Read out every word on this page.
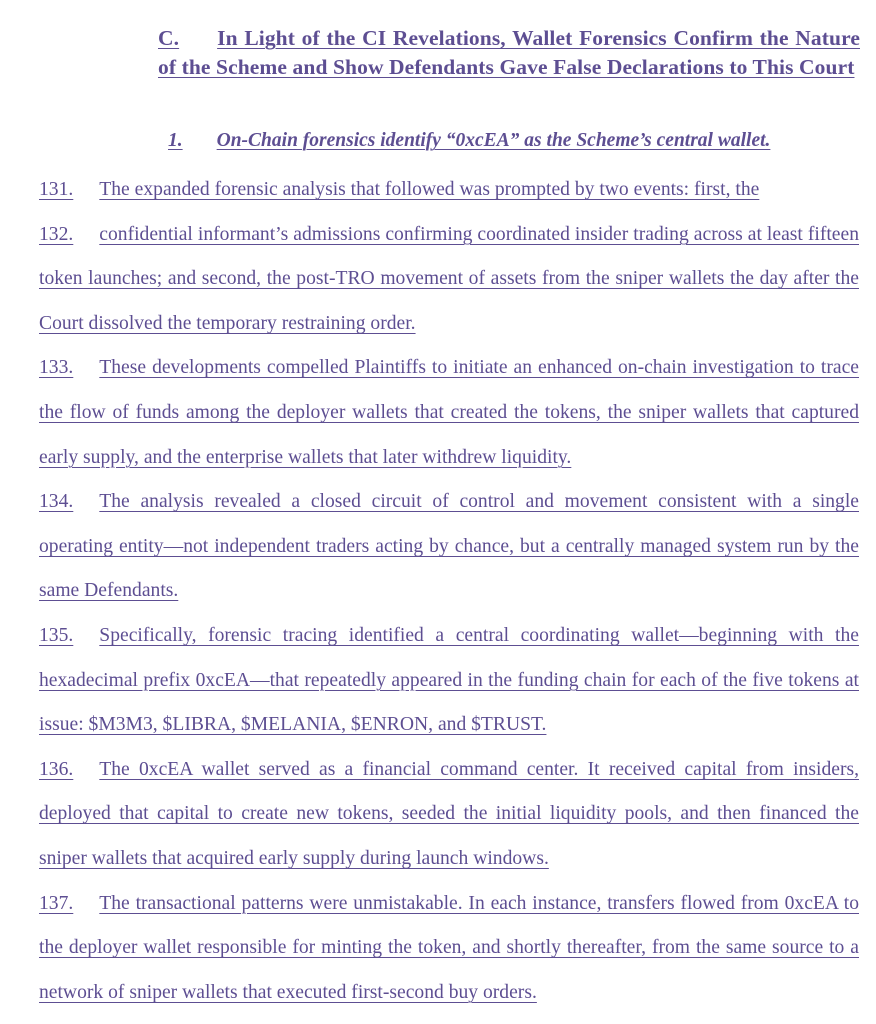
C. In Light of the CI Revelations, Wallet Forensics Confirm the Nature of the Scheme and Show Defendants Gave False Declarations to This Court
1. On-Chain forensics identify “0xcEA” as the Scheme’s central wallet.

131. The expanded forensic analysis that followed was prompted by two events: first, the

132. confidential informant’s admissions confirming coordinated insider trading across at least fifteen token launches; and second, the post-TRO movement of assets from the sniper wallets the day after the Court dissolved the temporary restraining order.

133. These developments compelled Plaintiffs to initiate an enhanced on-chain investigation to trace the flow of funds among the deployer wallets that created the tokens, the sniper wallets that captured early supply, and the enterprise wallets that later withdrew liquidity.

134. The analysis revealed a closed circuit of control and movement consistent with a single operating entity—not independent traders acting by chance, but a centrally managed system run by the same Defendants.

135. Specifically, forensic tracing identified a central coordinating wallet—beginning with the hexadecimal prefix 0xcEA—that repeatedly appeared in the funding chain for each of the five tokens at issue: $M3M3, $LIBRA, $MELANIA, $ENRON, and $TRUST.

136. The 0xcEA wallet served as a financial command center. It received capital from insiders, deployed that capital to create new tokens, seeded the initial liquidity pools, and then financed the sniper wallets that acquired early supply during launch windows.

137. The transactional patterns were unmistakable. In each instance, transfers flowed from 0xcEA to the deployer wallet responsible for minting the token, and shortly thereafter, from the same source to a network of sniper wallets that executed first-second buy orders.
